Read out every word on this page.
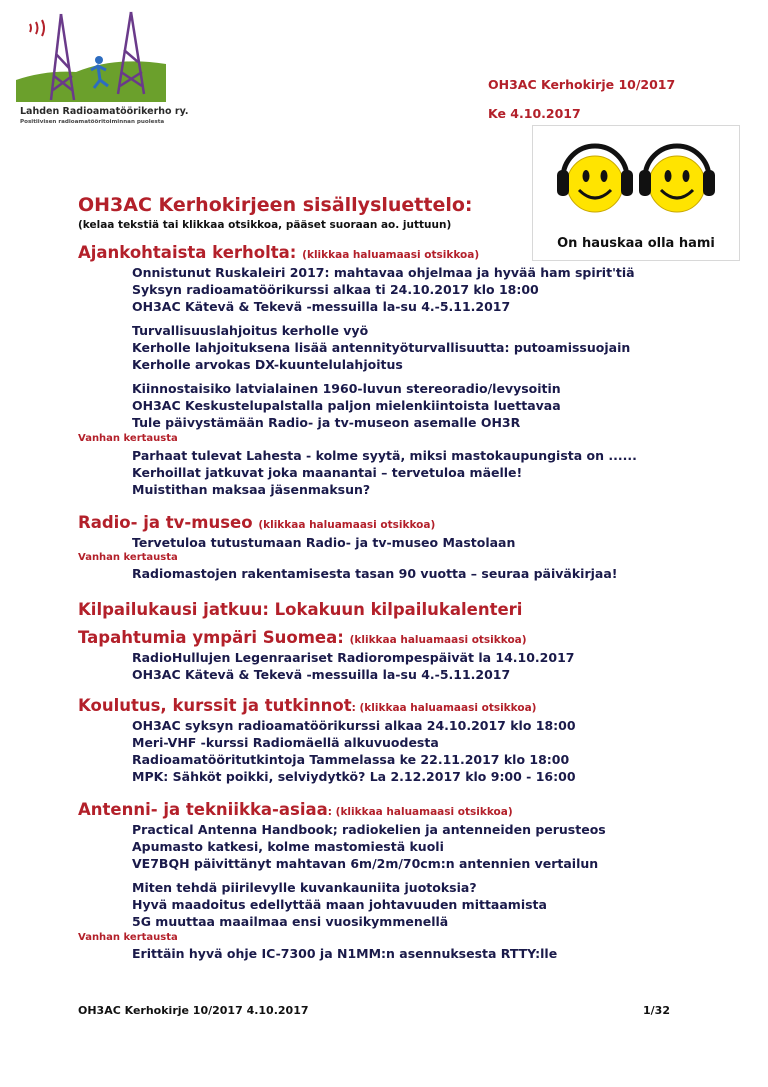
Lahden Radioamatöörikerho ry.
Positiivisen radioamatööritoiminnan puolesta
OH3AC Kerhokirje 10/2017
Ke 4.10.2017
On hauskaa olla hami
OH3AC Kerhokirjeen sisällysluettelo:
(kelaa tekstiä tai klikkaa otsikkoa, pääset suoraan ao. juttuun)
Ajankohtaista kerholta: (klikkaa haluamaasi otsikkoa)
Onnistunut Ruskaleiri 2017: mahtavaa ohjelmaa ja hyvää ham spirit'tiä
Syksyn radioamatöörikurssi alkaa ti 24.10.2017 klo 18:00
OH3AC Kätevä & Tekevä -messuilla la-su 4.-5.11.2017
Turvallisuuslahjoitus kerholle vyö
Kerholle lahjoituksena lisää antennityöturvallisuutta: putoamissuojain
Kerholle arvokas DX-kuuntelulahjoitus
Kiinnostaisiko latvialainen 1960-luvun stereoradio/levysoitin
OH3AC Keskustelupalstalla paljon mielenkiintoista luettavaa
Tule päivystämään Radio- ja tv-museon asemalle OH3R
Vanhan kertausta
Parhaat tulevat Lahesta - kolme syytä, miksi mastokaupungista on ......
Kerhoillat jatkuvat joka maanantai – tervetuloa mäelle!
Muistithan maksaa jäsenmaksun?
Radio- ja tv-museo (klikkaa haluamaasi otsikkoa)
Tervetuloa tutustumaan Radio- ja tv-museo Mastolaan
Vanhan kertausta
Radiomastojen rakentamisesta tasan 90 vuotta – seuraa päiväkirjaa!
Kilpailukausi jatkuu: Lokakuun kilpailukalenteri
Tapahtumia ympäri Suomea: (klikkaa haluamaasi otsikkoa)
RadioHullujen Legenraariset Radiorompespäivät la 14.10.2017
OH3AC Kätevä & Tekevä -messuilla la-su 4.-5.11.2017
Koulutus, kurssit ja tutkinnot: (klikkaa haluamaasi otsikkoa)
OH3AC syksyn radioamatöörikurssi alkaa 24.10.2017 klo 18:00
Meri-VHF -kurssi Radiomäellä alkuvuodesta
Radioamatööritutkintoja Tammelassa ke 22.11.2017 klo 18:00
MPK: Sähköt poikki, selviydytkö? La 2.12.2017 klo 9:00 - 16:00
Antenni- ja tekniikka-asiaa: (klikkaa haluamaasi otsikkoa)
Practical Antenna Handbook; radiokelien ja antenneiden perusteos
Apumasto katkesi, kolme mastomiestä kuoli
VE7BQH päivittänyt mahtavan 6m/2m/70cm:n antennien vertailun
Miten tehdä piirilevylle kuvankauniita juotoksia?
Hyvä maadoitus edellyttää maan johtavuuden mittaamista
5G muuttaa maailmaa ensi vuosikymmenellä
Vanhan kertausta
Erittäin hyvä ohje IC-7300 ja N1MM:n asennuksesta RTTY:lle
OH3AC Kerhokirje 10/2017 4.10.2017	1/32
